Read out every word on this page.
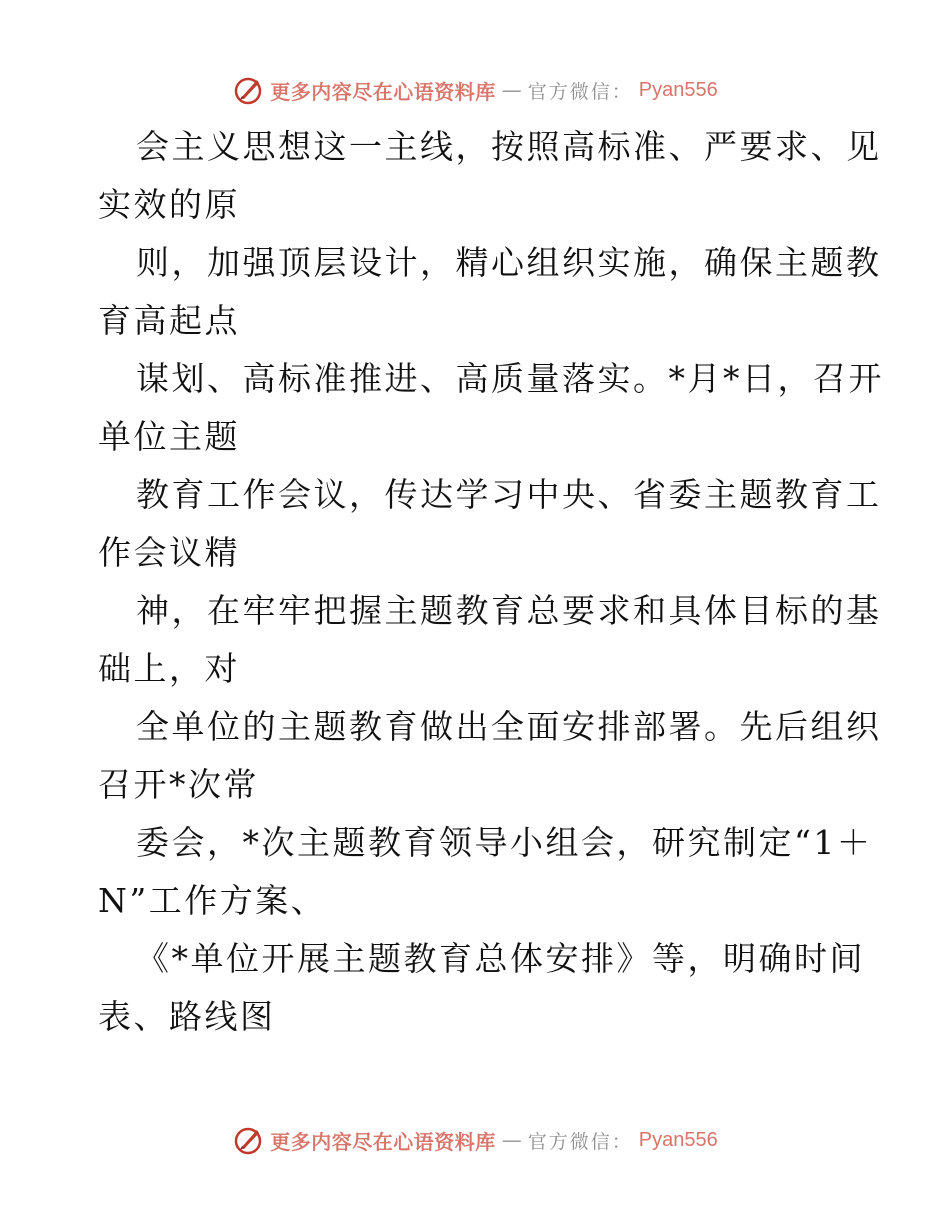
更多内容尽在心语资料库 — 官方微信： Pyan556
会主义思想这一主线，按照高标准、严要求、见
实效的原
则，加强顶层设计，精心组织实施，确保主题教
育高起点
谋划、高标准推进、高质量落实。*月*日，召开
单位主题
教育工作会议，传达学习中央、省委主题教育工
作会议精
神，在牢牢把握主题教育总要求和具体目标的基
础上，对
全单位的主题教育做出全面安排部署。先后组织
召开*次常
委会，*次主题教育领导小组会，研究制定“1＋
N”工作方案、
《*单位开展主题教育总体安排》等，明确时间
表、路线图
更多内容尽在心语资料库 — 官方微信： Pyan556
